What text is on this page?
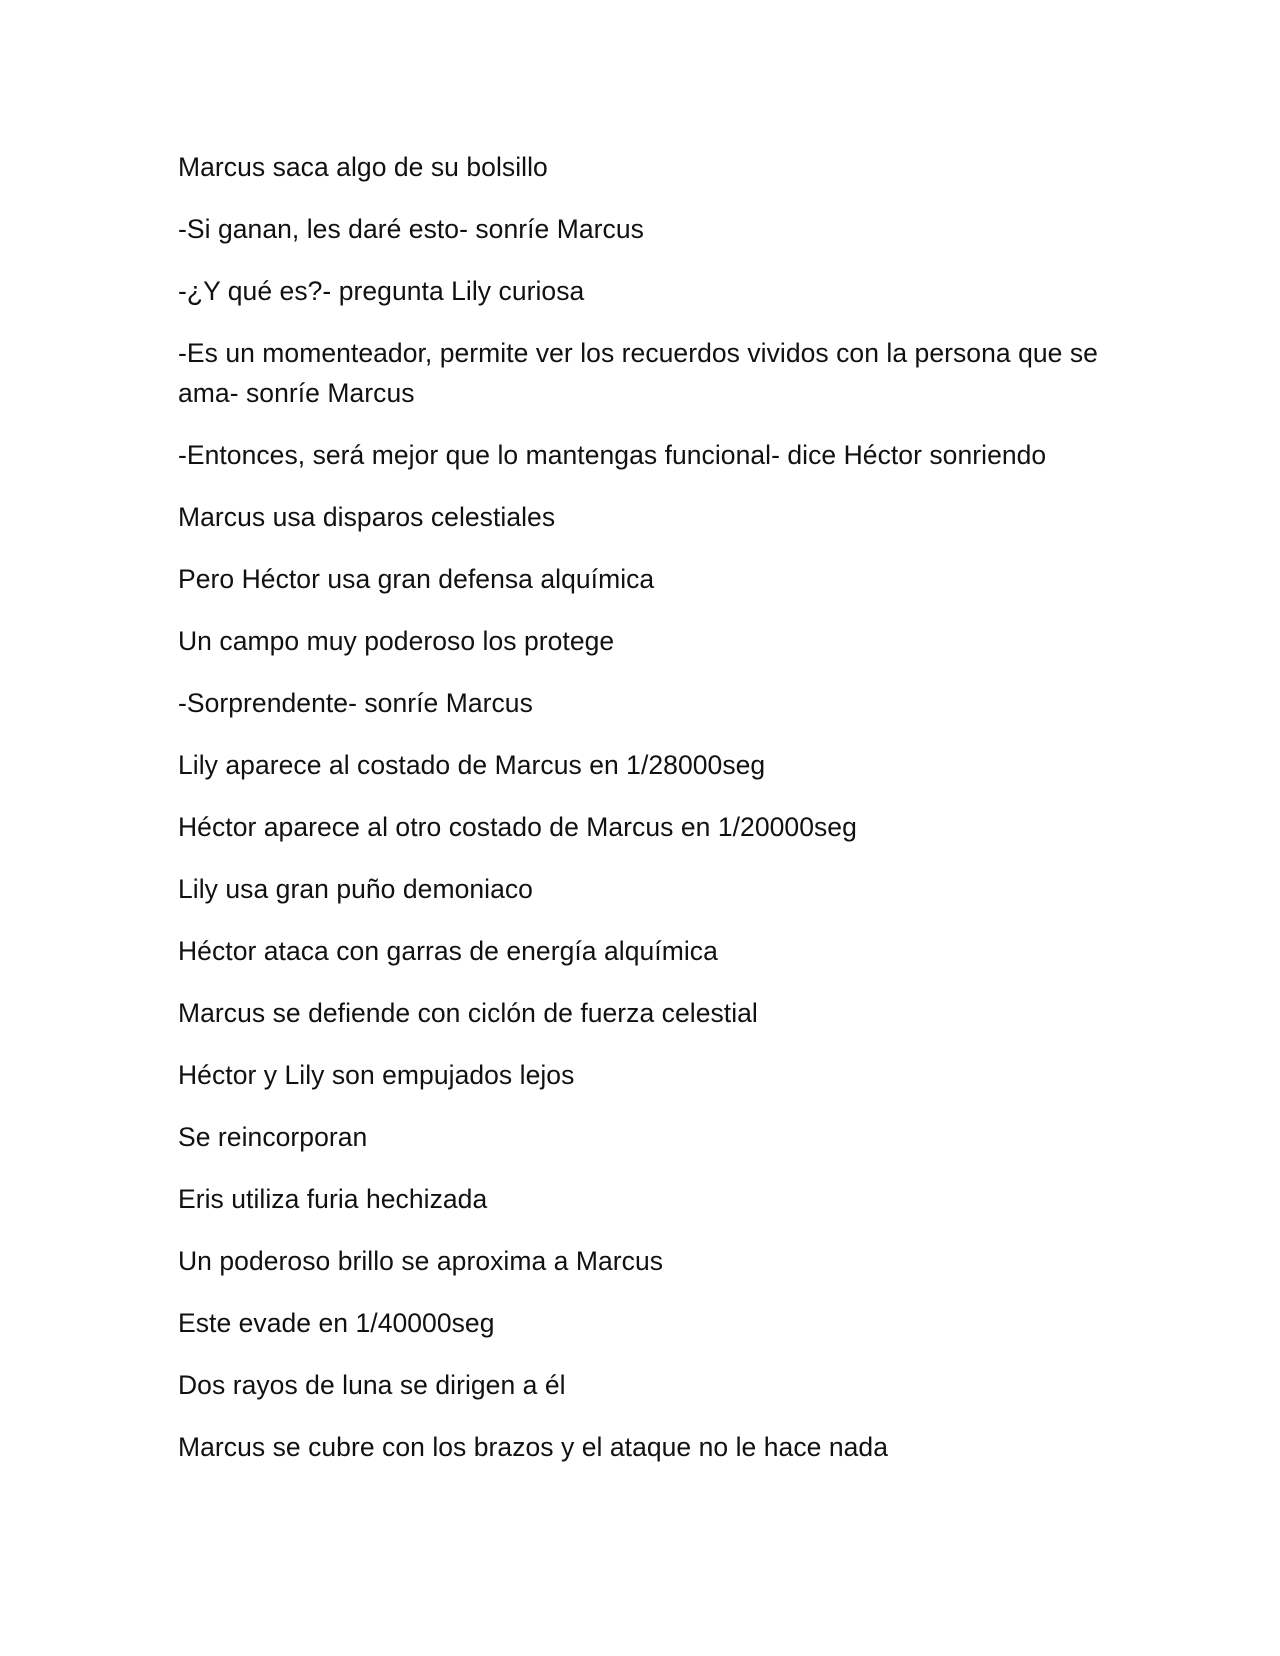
Marcus saca algo de su bolsillo

-Si ganan, les daré esto- sonríe Marcus

-¿Y qué es?- pregunta Lily curiosa

-Es un momenteador, permite ver los recuerdos vividos con la persona que se ama- sonríe Marcus

-Entonces, será mejor que lo mantengas funcional- dice Héctor sonriendo

Marcus usa disparos celestiales

Pero Héctor usa gran defensa alquímica

Un campo muy poderoso los protege

-Sorprendente- sonríe Marcus

Lily aparece al costado de Marcus en 1/28000seg

Héctor aparece al otro costado de Marcus en 1/20000seg

Lily usa gran puño demoniaco

Héctor ataca con garras de energía alquímica

Marcus se defiende con ciclón de fuerza celestial

Héctor y Lily son empujados lejos

Se reincorporan

Eris utiliza furia hechizada

Un poderoso brillo se aproxima a Marcus

Este evade en 1/40000seg

Dos rayos de luna se dirigen a él

Marcus se cubre con los brazos y el ataque no le hace nada
